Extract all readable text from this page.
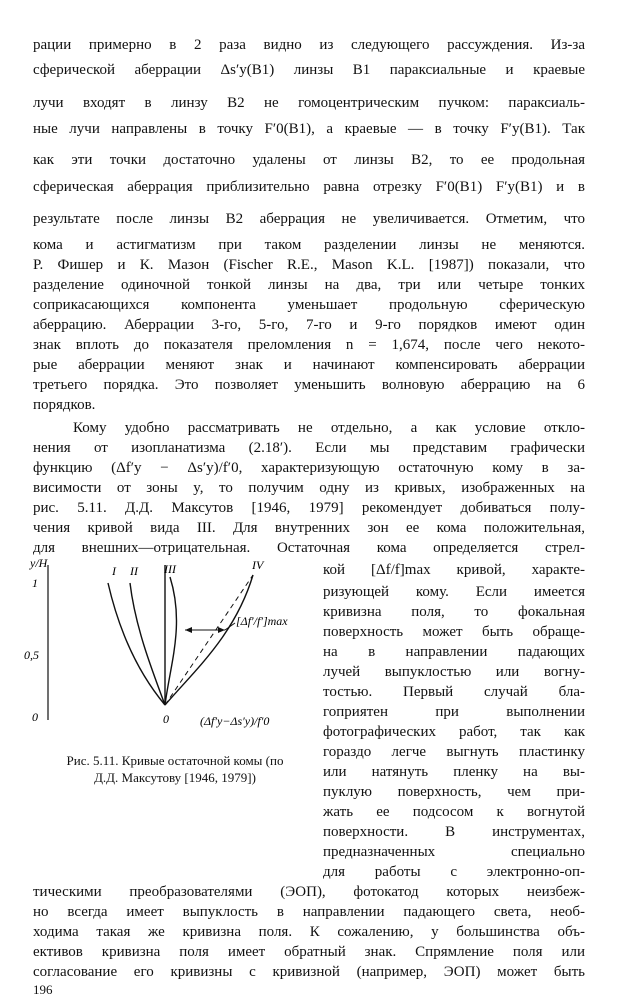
рации примерно в 2 раза видно из следующего рассуждения. Из-за
сферической аберрации Δs′y(B1) линзы B1 параксиальные и краевые
лучи входят в линзу B2 не гомоцентрическим пучком: параксиаль-
ные лучи направлены в точку F′0(B1), а краевые — в точку F′y(B1). Так
как эти точки достаточно удалены от линзы B2, то ее продольная
сферическая аберрация приблизительно равна отрезку F′0(B1) F′y(B1) и в
результате после линзы B2 аберрация не увеличивается. Отметим, что
кома и астигматизм при таком разделении линзы не меняются.
Р. Фишер и К. Мазон (Fischer R.E., Mason K.L. [1987]) показали, что
разделение одиночной тонкой линзы на два, три или четыре тонких
соприкасающихся компонента уменьшает продольную сферическую
аберрацию. Аберрации 3-го, 5-го, 7-го и 9-го порядков имеют один
знак вплоть до показателя преломления n = 1,674, после чего некото-
рые аберрации меняют знак и начинают компенсировать аберрации
третьего порядка. Это позволяет уменьшить волновую аберрацию на 6
порядков.
Кому удобно рассматривать не отдельно, а как условие откло-
нения от изопланатизма (2.18′). Если мы представим графически
функцию (Δf′y − Δs′y)/f′0, характеризующую остаточную кому в за-
висимости от зоны y, то получим одну из кривых, изображенных на
рис. 5.11. Д.Д. Максутов [1946, 1979] рекомендует добиваться полу-
чения кривой вида III. Для внутренних зон ее кома положительная,
для внешних—отрицательная. Остаточная кома определяется стрел-
y/H
1
0,5
0	0	(Δf′y−Δs′y)/f′0
I II III	IV
[Δf′/f′]max
Рис. 5.11. Кривые остаточной комы (по
Д.Д. Максутову [1946, 1979])
кой [Δf/f]max кривой, характе-
ризующей кому. Если имеется
кривизна поля, то фокальная
поверхность может быть обраще-
на в направлении падающих
лучей выпуклостью или вогну-
тостью. Первый случай бла-
гоприятен при выполнении
фотографических работ, так как
гораздо легче выгнуть пластинку
или натянуть пленку на вы-
пуклую поверхность, чем при-
жать ее подсосом к вогнутой
поверхности. В инструментах,
предназначенных специально
для работы с электронно-оп-
тическими преобразователями (ЭОП), фотокатод которых неизбеж-
но всегда имеет выпуклость в направлении падающего света, необ-
ходима такая же кривизна поля. К сожалению, у большинства объ-
ективов кривизна поля имеет обратный знак. Спрямление поля или
согласование его кривизны с кривизной (например, ЭОП) может быть
196
